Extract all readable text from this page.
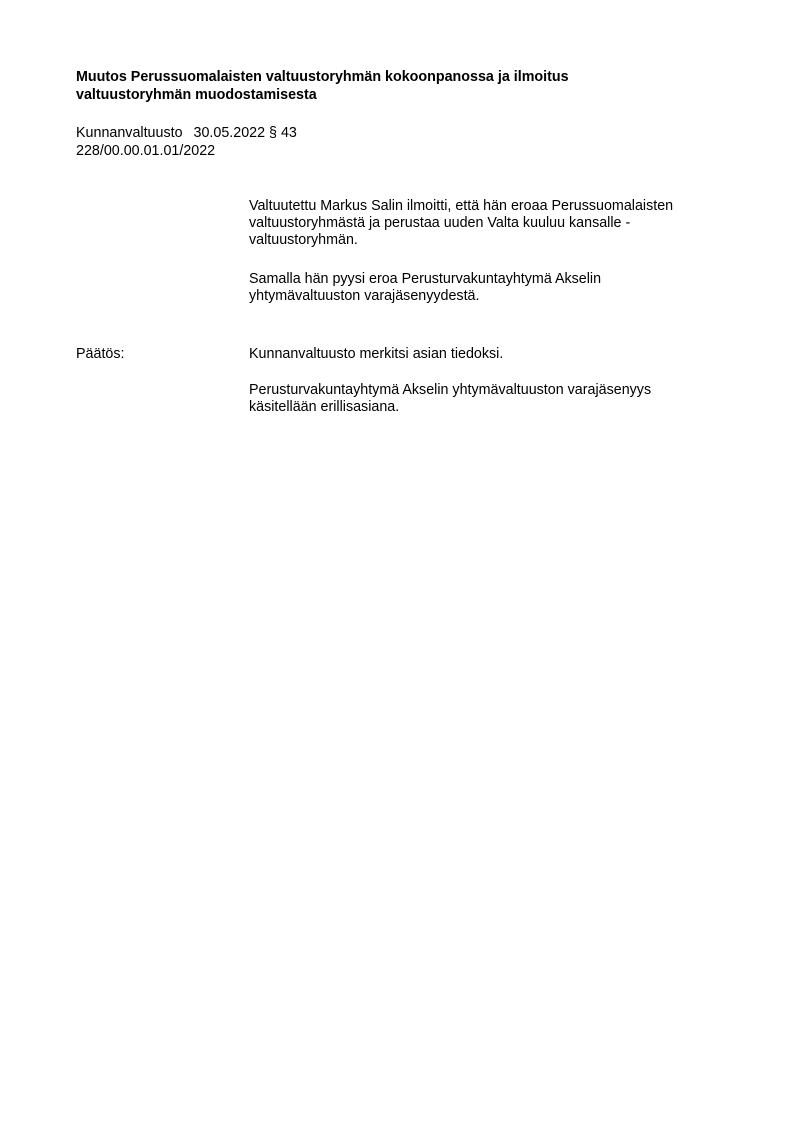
Muutos Perussuomalaisten valtuustoryhmän kokoonpanossa ja ilmoitus
valtuustoryhmän muodostamisesta
Kunnanvaltuusto 30.05.2022 § 43
228/00.00.01.01/2022
Valtuutettu Markus Salin ilmoitti, että hän eroaa Perussuomalaisten
valtuustoryhmästä ja perustaa uuden Valta kuuluu kansalle -
valtuustoryhmän.
Samalla hän pyysi eroa Perusturvakuntayhtymä Akselin
yhtymävaltuuston varajäsenyydestä.
Päätös:	Kunnanvaltuusto merkitsi asian tiedoksi.
Perusturvakuntayhtymä Akselin yhtymävaltuuston varajäsenyys
käsitellään erillisasiana.
